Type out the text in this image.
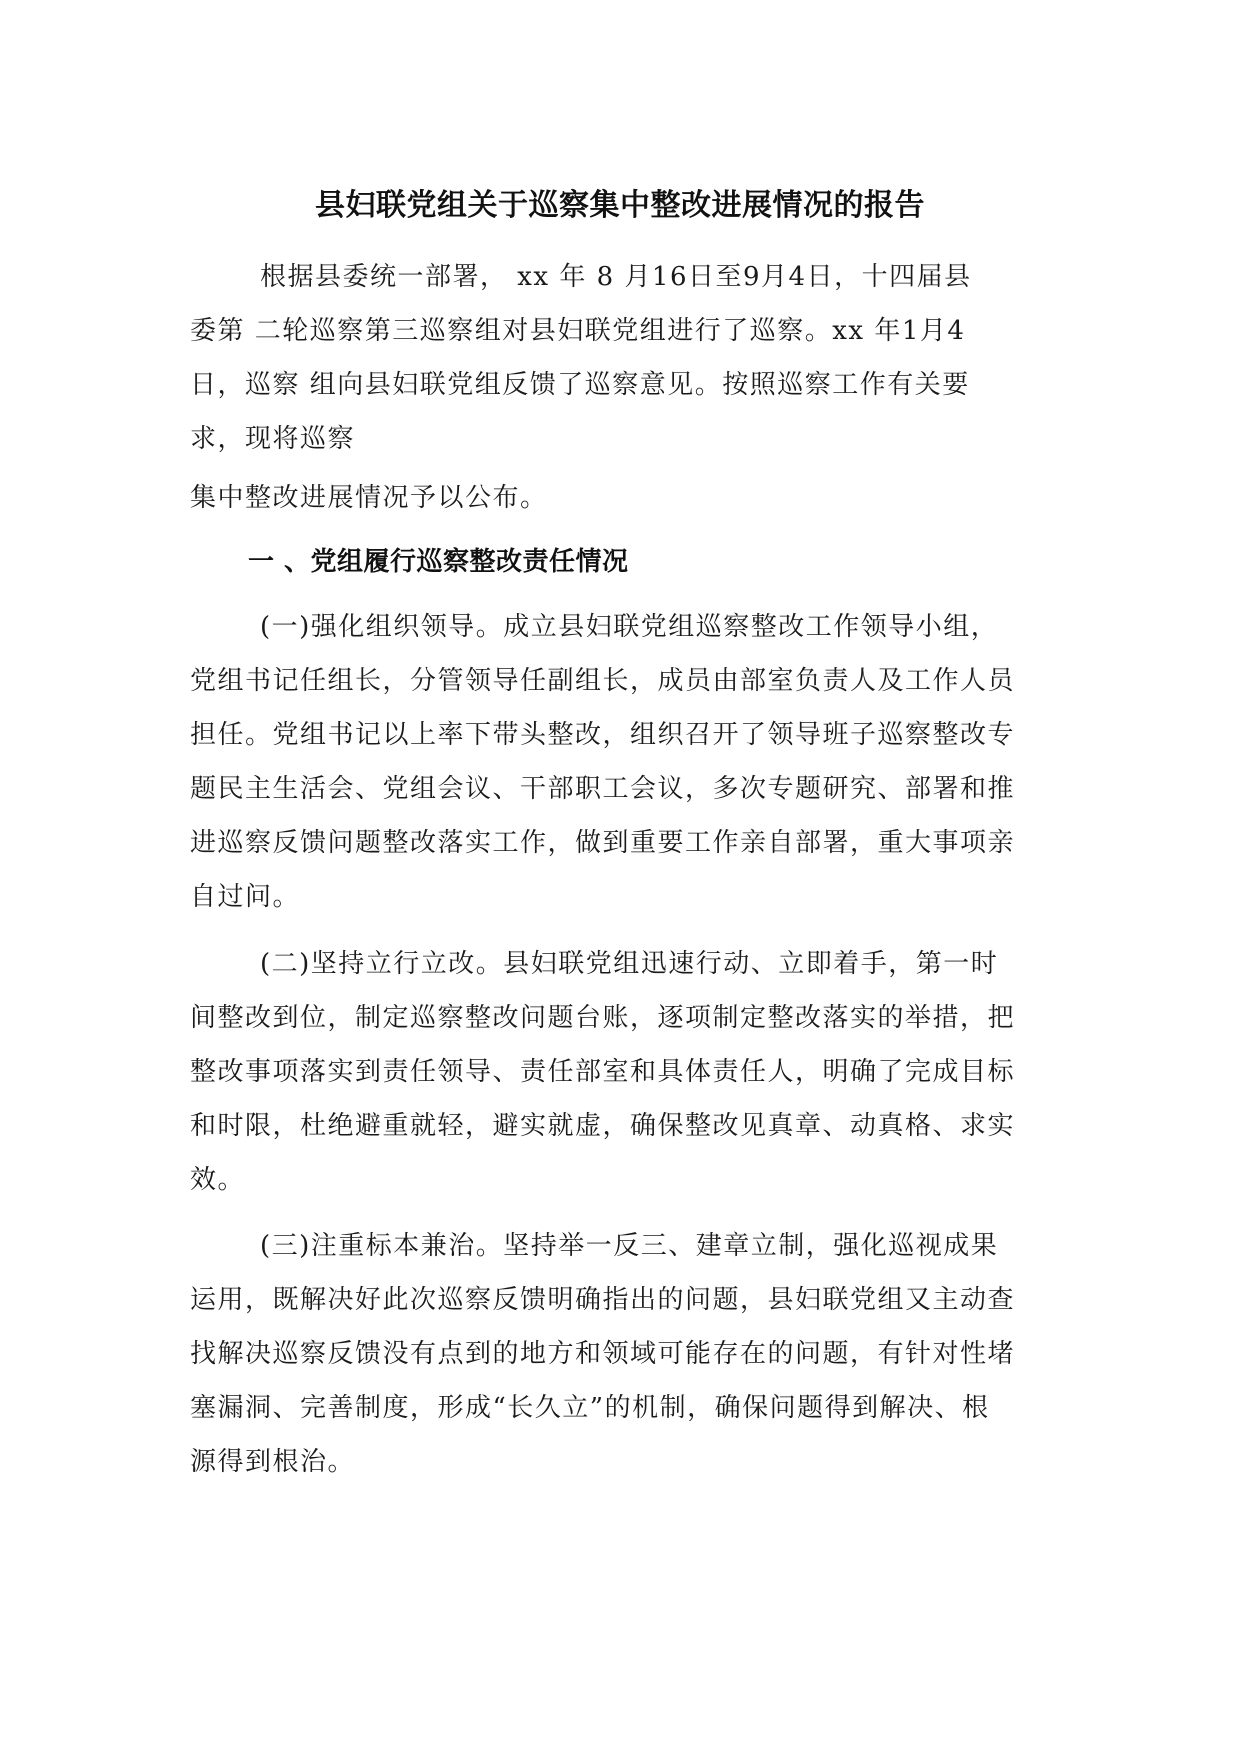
县妇联党组关于巡察集中整改进展情况的报告

根据县委统一部署， xx 年 8 月16日至9月4日，十四届县
委第 二轮巡察第三巡察组对县妇联党组进行了巡察。xx 年1月4
日，巡察 组向县妇联党组反馈了巡察意见。按照巡察工作有关要
求，现将巡察

集中整改进展情况予以公布。
一 、党组履行巡察整改责任情况

(一)强化组织领导。成立县妇联党组巡察整改工作领导小组，
党组书记任组长，分管领导任副组长，成员由部室负责人及工作人员
担任。党组书记以上率下带头整改，组织召开了领导班子巡察整改专
题民主生活会、党组会议、干部职工会议，多次专题研究、部署和推
进巡察反馈问题整改落实工作，做到重要工作亲自部署，重大事项亲
自过问。

(二)坚持立行立改。县妇联党组迅速行动、立即着手，第一时
间整改到位，制定巡察整改问题台账，逐项制定整改落实的举措，把
整改事项落实到责任领导、责任部室和具体责任人，明确了完成目标
和时限，杜绝避重就轻，避实就虚，确保整改见真章、动真格、求实
效。

(三)注重标本兼治。坚持举一反三、建章立制，强化巡视成果
运用，既解决好此次巡察反馈明确指出的问题，县妇联党组又主动查
找解决巡察反馈没有点到的地方和领域可能存在的问题，有针对性堵
塞漏洞、完善制度，形成“长久立”的机制，确保问题得到解决、根
源得到根治。
